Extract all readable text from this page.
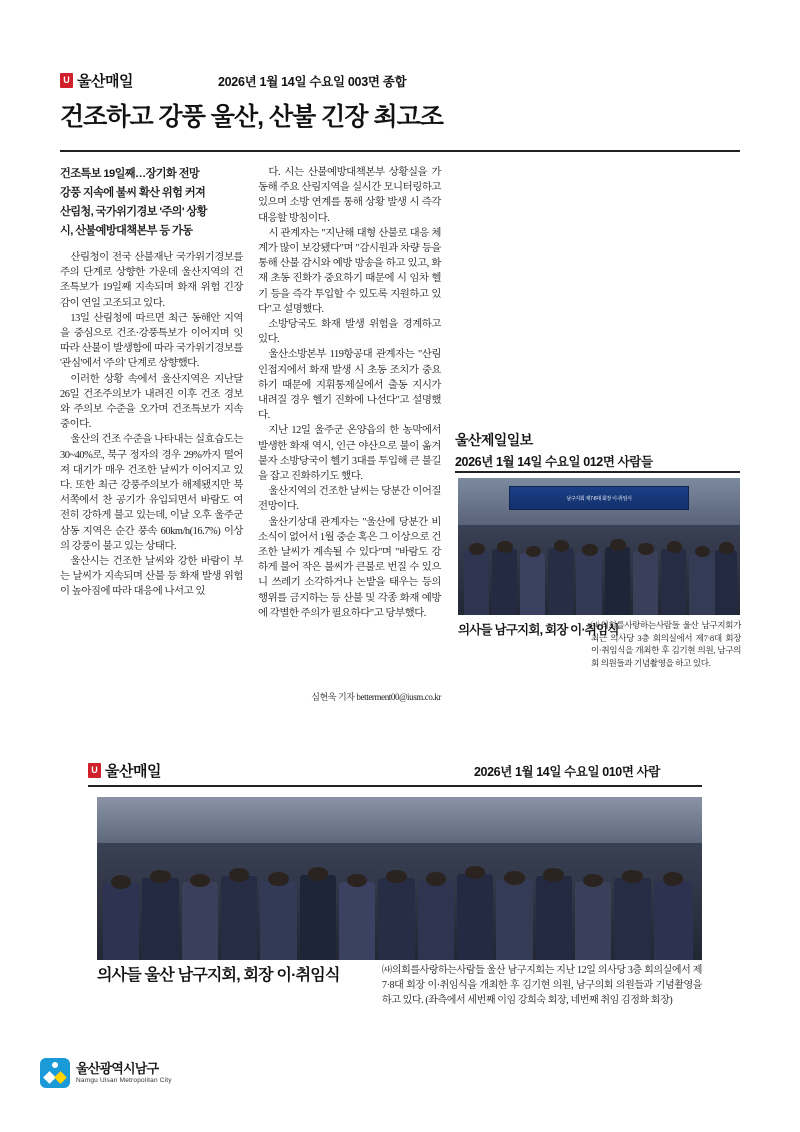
U 울산매일	2026년 1월 14일 수요일 003면 종합
건조하고 강풍 울산, 산불 긴장 최고조
건조특보 19일째…장기화 전망
강풍 지속에 불씨 확산 위험 커져
산림청, 국가위기경보 '주의' 상황
시, 산불예방대책본부 등 가동

산림청이 전국 산불재난 국가위기경보를 주의 단계로 상향한 가운데 울산지역의 건조특보가 19일째 지속되며 화재 위험 긴장감이 연일 고조되고 있다.

13일 산림청에 따르면 최근 동해안 지역을 중심으로 건조·강풍특보가 이어지며 잇따라 산불이 발생함에 따라 국가위기경보를 '관심'에서 '주의' 단계로 상향했다.

이러한 상황 속에서 울산지역은 지난달 26일 건조주의보가 내려진 이후 건조 경보와 주의보 수준을 오가며 건조특보가 지속 중이다.

울산의 건조 수준을 나타내는 실효습도는 30~40%로, 북구 정자의 경우 29%까지 떨어져 대기가 매우 건조한 날씨가 이어지고 있다. 또한 최근 강풍주의보가 해제됐지만 북서쪽에서 찬 공기가 유입되면서 바람도 여전히 강하게 불고 있는데, 이날 오후 울주군 삼동 지역은 순간 풍속 60km/h(16.7%) 이상의 강풍이 불고 있는 상태다.

울산시는 건조한 날씨와 강한 바람이 부는 날씨가 지속되며 산불 등 화재 발생 위험이 높아짐에 따라 대응에 나서고 있

다. 시는 산불예방대책본부 상황실을 가동해 주요 산림지역을 실시간 모니터링하고 있으며 소방 연계를 통해 상황 발생 시 즉각 대응할 방침이다.

시 관계자는 "지난해 대형 산불로 대응 체계가 많이 보강됐다"며 "감시원과 차량 등을 통해 산불 감시와 예방 방송을 하고 있고, 화재 초동 진화가 중요하기 때문에 시 임차 헬기 등을 즉각 투입할 수 있도록 지원하고 있다"고 설명했다.

소방당국도 화재 발생 위험을 경계하고 있다.

울산소방본부 119항공대 관계자는 "산림 인접지에서 화재 발생 시 초동 조치가 중요하기 때문에 지휘통제실에서 출동 지시가 내려질 경우 헬기 진화에 나선다"고 설명했다.

지난 12일 울주군 온양읍의 한 농막에서 발생한 화재 역시, 인근 야산으로 불이 옮겨붙자 소방당국이 헬기 3대를 투입해 큰 불길을 잡고 진화하기도 했다.

울산지역의 건조한 날씨는 당분간 이어질 전망이다.

울산기상대 관계자는 "울산에 당분간 비 소식이 없어서 1월 중순 혹은 그 이상으로 건조한 날씨가 계속될 수 있다"며 "바람도 강하게 불어 작은 불씨가 큰불로 번질 수 있으니 쓰레기 소각하거나 논밭을 태우는 등의 행위를 금지하는 등 산불 및 각종 화재 예방에 각별한 주의가 필요하다"고 당부했다.

심현욱 기자 betterment00@iusm.co.kr
울산제일일보
2026년 1월 14일 수요일 012면 사람들
남구지회 제7·8대 회장 이·취임식
의사들 남구지회, 회장 이·취임식
㈔의회를사랑하는사람들 울산 남구지회가 최근 의사당 3층 회의실에서 제7·8대 회장 이·취임식을 개최한 후 김기현 의원, 남구의회 의원들과 기념촬영을 하고 있다.
U 울산매일	2026년 1월 14일 수요일 010면 사람
의사들 울산 남구지회, 회장 이·취임식	㈔의회를사랑하는사람들 울산 남구지회는 지난 12일 의사당 3층 회의실에서 제7·8대 회장 이·취임식을 개최한 후 김기현 의원, 남구의회 의원들과 기념촬영을 하고 있다. (좌측에서 세번째 이임 강희숙 회장, 네번째 취임 김정화 회장)
울산광역시남구
Namgu Ulsan Metropolitan City
